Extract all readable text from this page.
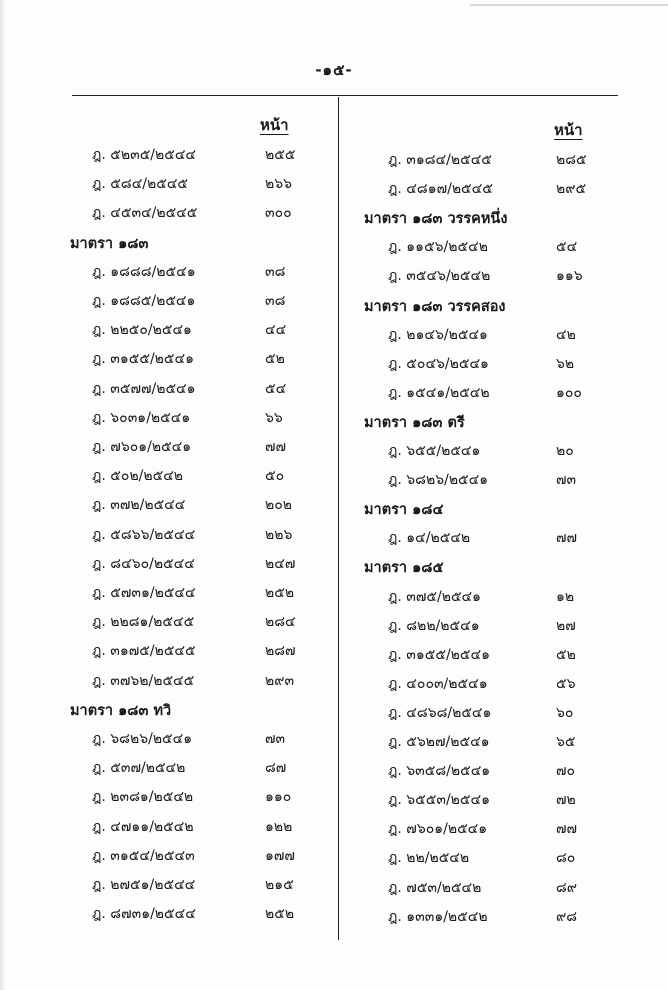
-๑๕-
หน้า
ฎ. ๕๒๓๕/๒๕๔๔	๒๕๕
ฎ. ๕๘๔/๒๕๔๕	๒๖๖
ฎ. ๔๕๓๔/๒๕๔๕	๓๐๐
มาตรา ๑๘๓
ฎ. ๑๘๘๘/๒๕๔๑	๓๘
ฎ. ๑๘๘๕/๒๕๔๑	๓๘
ฎ. ๒๒๕๐/๒๕๔๑	๔๔
ฎ. ๓๑๕๕/๒๕๔๑	๕๒
ฎ. ๓๕๗๗/๒๕๔๑	๕๔
ฎ. ๖๐๓๑/๒๕๔๑	๖๖
ฎ. ๗๖๐๑/๒๕๔๑	๗๗
ฎ. ๕๐๒/๒๕๔๒	๕๐
ฎ. ๓๗๒/๒๕๔๔	๒๐๒
ฎ. ๕๘๖๖/๒๕๔๔	๒๒๖
ฎ. ๘๔๖๐/๒๕๔๔	๒๔๗
ฎ. ๕๗๓๑/๒๕๔๔	๒๕๒
ฎ. ๒๒๘๑/๒๕๔๕	๒๘๔
ฎ. ๓๑๗๕/๒๕๔๕	๒๘๗
ฎ. ๓๗๖๒/๒๕๔๕	๒๙๓
มาตรา ๑๘๓ ทวิ
ฎ. ๖๘๒๖/๒๕๔๑	๗๓
ฎ. ๕๓๗/๒๕๔๒	๘๗
ฎ. ๒๓๘๑/๒๕๔๒	๑๑๐
ฎ. ๔๗๑๑/๒๕๔๒	๑๒๒
ฎ. ๓๑๕๔/๒๕๔๓	๑๗๗
ฎ. ๒๗๕๑/๒๕๔๔	๒๑๕
ฎ. ๘๗๓๑/๒๕๔๔	๒๕๒
หน้า
ฎ. ๓๑๘๔/๒๕๔๕	๒๘๕
ฎ. ๔๘๑๗/๒๕๔๕	๒๙๕
มาตรา ๑๘๓ วรรคหนึ่ง
ฎ. ๑๑๕๖/๒๕๔๒	๕๔
ฎ. ๓๕๔๖/๒๕๔๒	๑๑๖
มาตรา ๑๘๓ วรรคสอง
ฎ. ๒๑๔๖/๒๕๔๑	๔๒
ฎ. ๕๐๔๖/๒๕๔๑	๖๒
ฎ. ๑๕๔๑/๒๕๔๒	๑๐๐
มาตรา ๑๘๓ ตรี
ฎ. ๖๕๕/๒๕๔๑	๒๐
ฎ. ๖๘๒๖/๒๕๔๑	๗๓
มาตรา ๑๘๔
ฎ. ๑๔/๒๕๔๒	๗๗
มาตรา ๑๘๕
ฎ. ๓๗๕/๒๕๔๑	๑๒
ฎ. ๘๒๒/๒๕๔๑	๒๗
ฎ. ๓๑๕๕/๒๕๔๑	๕๒
ฎ. ๔๐๐๓/๒๕๔๑	๕๖
ฎ. ๔๘๖๘/๒๕๔๑	๖๐
ฎ. ๕๖๒๗/๒๕๔๑	๖๕
ฎ. ๖๓๕๘/๒๕๔๑	๗๐
ฎ. ๖๕๕๓/๒๕๔๑	๗๒
ฎ. ๗๖๐๑/๒๕๔๑	๗๗
ฎ. ๒๒/๒๕๔๒	๘๐
ฎ. ๗๕๓/๒๕๔๒	๘๙
ฎ. ๑๓๓๑/๒๕๔๒	๙๘
